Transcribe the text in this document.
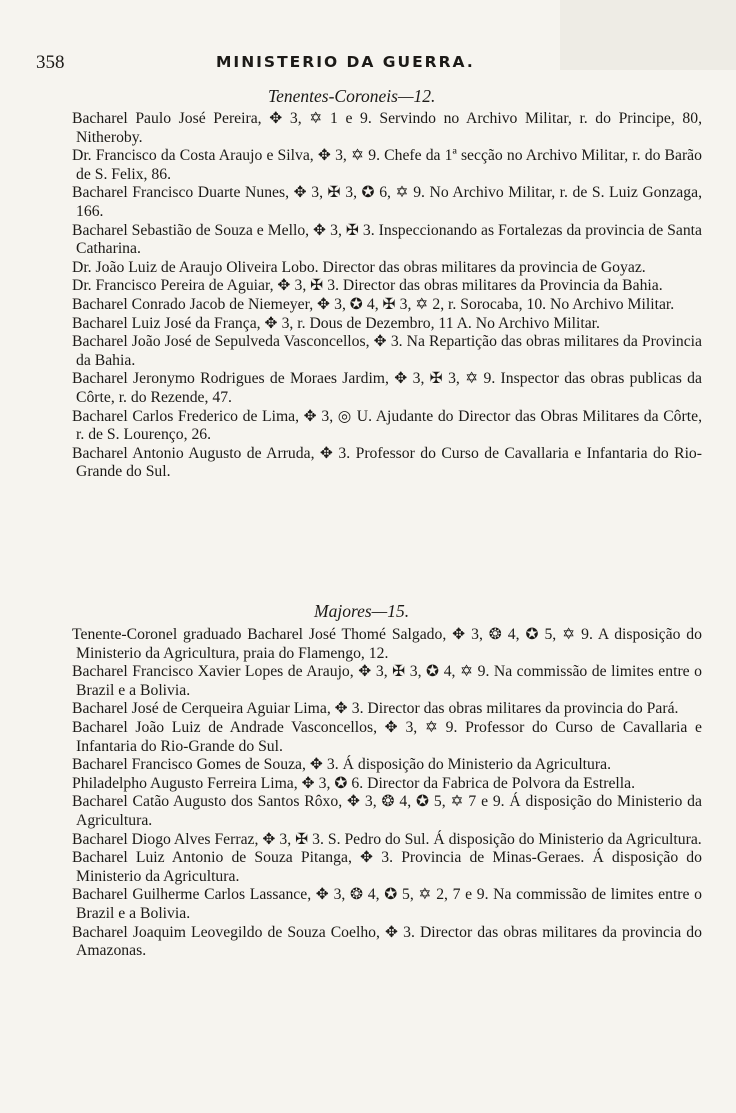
358	MINISTERIO DA GUERRA.
Tenentes-Coroneis—12.

Bacharel Paulo José Pereira, ✥ 3, ✡ 1 e 9. Servindo no Archivo Militar, r. do Principe, 80, Nitheroby.

Dr. Francisco da Costa Araujo e Silva, ✥ 3, ✡ 9. Chefe da 1ª secção no Archivo Militar, r. do Barão de S. Felix, 86.

Bacharel Francisco Duarte Nunes, ✥ 3, ✠ 3, ✪ 6, ✡ 9. No Archivo Militar, r. de S. Luiz Gonzaga, 166.

Bacharel Sebastião de Souza e Mello, ✥ 3, ✠ 3. Inspeccionando as Fortalezas da provincia de Santa Catharina.

Dr. João Luiz de Araujo Oliveira Lobo. Director das obras militares da provincia de Goyaz.

Dr. Francisco Pereira de Aguiar, ✥ 3, ✠ 3. Director das obras militares da Provincia da Bahia.

Bacharel Conrado Jacob de Niemeyer, ✥ 3, ✪ 4, ✠ 3, ✡ 2, r. Sorocaba, 10. No Archivo Militar.

Bacharel Luiz José da França, ✥ 3, r. Dous de Dezembro, 11 A. No Archivo Militar.

Bacharel João José de Sepulveda Vasconcellos, ✥ 3. Na Repartição das obras militares da Provincia da Bahia.

Bacharel Jeronymo Rodrigues de Moraes Jardim, ✥ 3, ✠ 3, ✡ 9. Inspector das obras publicas da Côrte, r. do Rezende, 47.

Bacharel Carlos Frederico de Lima, ✥ 3, ◎ U. Ajudante do Director das Obras Militares da Côrte, r. de S. Lourenço, 26.

Bacharel Antonio Augusto de Arruda, ✥ 3. Professor do Curso de Cavallaria e Infantaria do Rio-Grande do Sul.

Majores—15.

Tenente-Coronel graduado Bacharel José Thomé Salgado, ✥ 3, ❂ 4, ✪ 5, ✡ 9. A disposição do Ministerio da Agricultura, praia do Flamengo, 12.

Bacharel Francisco Xavier Lopes de Araujo, ✥ 3, ✠ 3, ✪ 4, ✡ 9. Na commissão de limites entre o Brazil e a Bolivia.

Bacharel José de Cerqueira Aguiar Lima, ✥ 3. Director das obras militares da provincia do Pará.

Bacharel João Luiz de Andrade Vasconcellos, ✥ 3, ✡ 9. Professor do Curso de Cavallaria e Infantaria do Rio-Grande do Sul.

Bacharel Francisco Gomes de Souza, ✥ 3. Á disposição do Ministerio da Agricultura.

Philadelpho Augusto Ferreira Lima, ✥ 3, ✪ 6. Director da Fabrica de Polvora da Estrella.

Bacharel Catão Augusto dos Santos Rôxo, ✥ 3, ❂ 4, ✪ 5, ✡ 7 e 9. Á disposição do Ministerio da Agricultura.

Bacharel Diogo Alves Ferraz, ✥ 3, ✠ 3. S. Pedro do Sul. Á disposição do Ministerio da Agricultura.

Bacharel Luiz Antonio de Souza Pitanga, ✥ 3. Provincia de Minas-Geraes. Á disposição do Ministerio da Agricultura.

Bacharel Guilherme Carlos Lassance, ✥ 3, ❂ 4, ✪ 5, ✡ 2, 7 e 9. Na commissão de limites entre o Brazil e a Bolivia.

Bacharel Joaquim Leovegildo de Souza Coelho, ✥ 3. Director das obras militares da provincia do Amazonas.
